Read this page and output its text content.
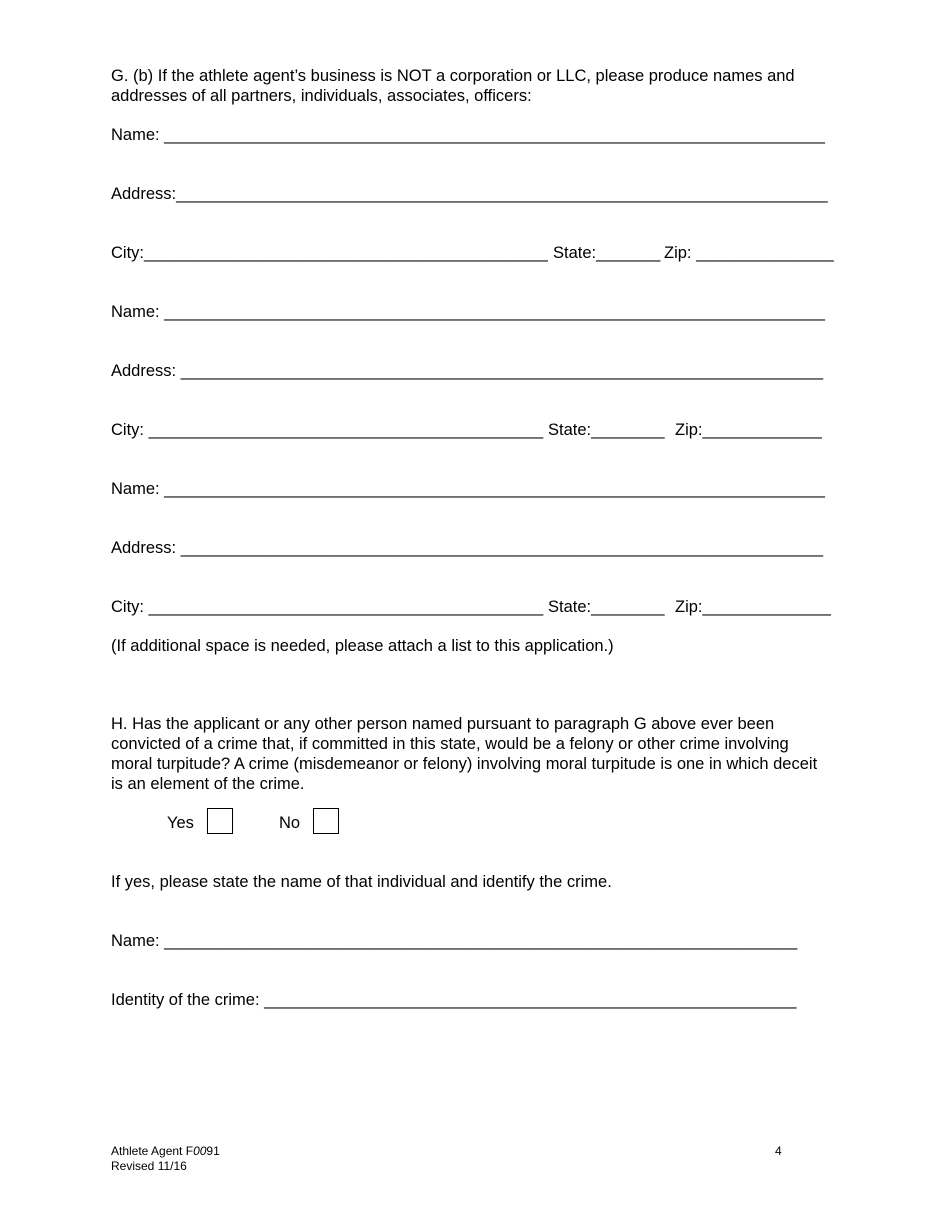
G. (b) If the athlete agent’s business is NOT a corporation or LLC, please produce names and addresses of all partners, individuals, associates, officers:
Name: ________________________________________________________________________
Address:_______________________________________________________________________
City:____________________________________________ State:_______ Zip: _______________
Name: ________________________________________________________________________
Address: ______________________________________________________________________
City: ___________________________________________ State:________ Zip:_____________
Name: ________________________________________________________________________
Address: ______________________________________________________________________
City: ___________________________________________ State:________ Zip:______________
(If additional space is needed, please attach a list to this application.)
H. Has the applicant or any other person named pursuant to paragraph G above ever been convicted of a crime that, if committed in this state, would be a felony or other crime involving moral turpitude? A crime (misdemeanor or felony) involving moral turpitude is one in which deceit is an element of the crime.
Yes	No
If yes, please state the name of that individual and identify the crime.
Name: _____________________________________________________________________
Identity of the crime: __________________________________________________________
Athlete Agent F0091
Revised 11/16
4
